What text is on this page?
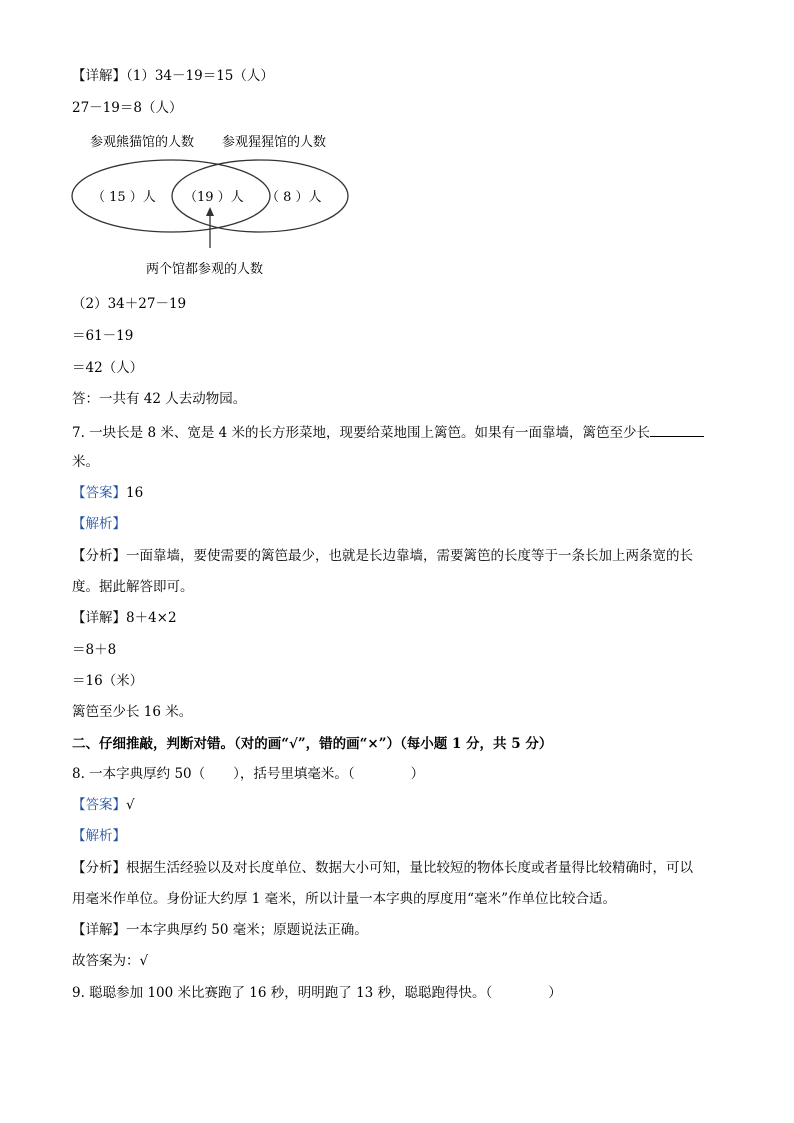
【详解】（1）34－19＝15（人）
27－19＝8（人）
参观熊猫馆的人数 参观猩猩馆的人数
（ 15 ）人 （19 ）人 （ 8 ）人
两个馆都参观的人数
（2）34＋27－19
＝61－19
＝42（人）
答：一共有 42 人去动物园。
7. 一块长是 8 米、宽是 4 米的长方形菜地，现要给菜地围上篱笆。如果有一面靠墙，篱笆至少长
米。
【答案】16
【解析】
【分析】一面靠墙，要使需要的篱笆最少，也就是长边靠墙，需要篱笆的长度等于一条长加上两条宽的长
度。据此解答即可。
【详解】8＋4×2
＝8＋8
＝16（米）
篱笆至少长 16 米。
二、仔细推敲，判断对错。（对的画“√”，错的画“×”）（每小题 1 分，共 5 分）
8. 一本字典厚约 50（ ），括号里填毫米。（	）
【答案】√
【解析】
【分析】根据生活经验以及对长度单位、数据大小可知，量比较短的物体长度或者量得比较精确时，可以
用毫米作单位。身份证大约厚 1 毫米，所以计量一本字典的厚度用“毫米”作单位比较合适。
【详解】一本字典厚约 50 毫米；原题说法正确。
故答案为：√
9. 聪聪参加 100 米比赛跑了 16 秒，明明跑了 13 秒，聪聪跑得快。（	）
